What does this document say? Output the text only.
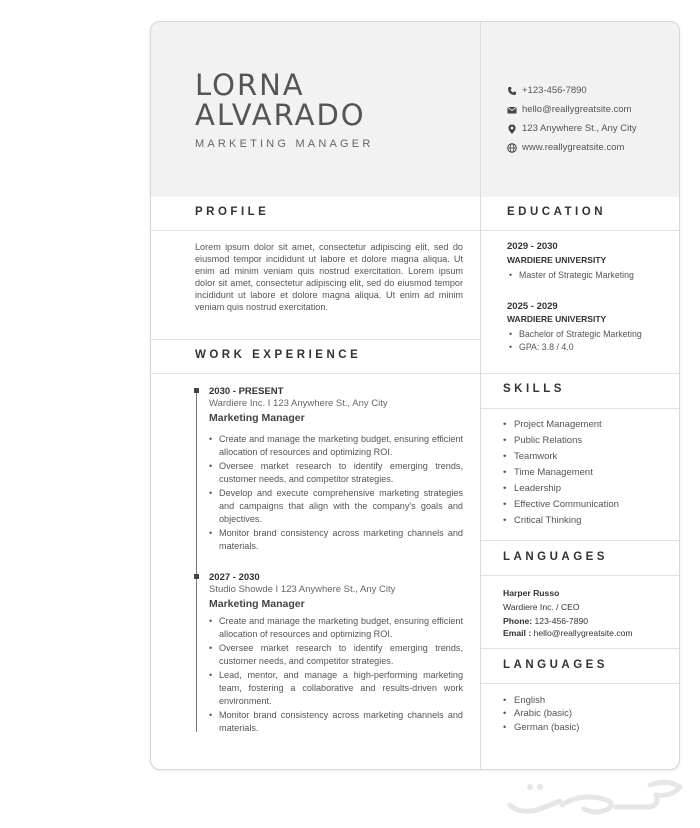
LORNA
ALVARADO
MARKETING MANAGER
+123-456-7890
hello@reallygreatsite.com
123 Anywhere St., Any City
www.reallygreatsite.com
PROFILE
Lorem ipsum dolor sit amet, consectetur adipiscing elit, sed do eiusmod tempor incididunt ut labore et dolore magna aliqua. Ut enim ad minim veniam quis nostrud exercitation. Lorem ipsum dolor sit amet, consectetur adipiscing elit, sed do eiusmod tempor incididunt ut labore et dolore magna aliqua. Ut enim ad minim veniam quis nostrud exercitation.
WORK EXPERIENCE
2030 - PRESENT
Wardiere Inc. I 123 Anywhere St., Any City
Marketing Manager
• Create and manage the marketing budget, ensuring efficient allocation of resources and optimizing ROI.
• Oversee market research to identify emerging trends, customer needs, and competitor strategies.
• Develop and execute comprehensive marketing strategies and campaigns that align with the company's goals and objectives.
• Monitor brand consistency across marketing channels and materials.
2027 - 2030
Studio Showde I 123 Anywhere St., Any City
Marketing Manager
• Create and manage the marketing budget, ensuring efficient allocation of resources and optimizing ROI.
• Oversee market research to identify emerging trends, customer needs, and competitor strategies.
• Lead, mentor, and manage a high-performing marketing team, fostering a collaborative and results-driven work environment.
• Monitor brand consistency across marketing channels and materials.
EDUCATION
2029 - 2030
WARDIERE UNIVERSITY
• Master of Strategic Marketing
2025 - 2029
WARDIERE UNIVERSITY
• Bachelor of Strategic Marketing
• GPA: 3.8 / 4.0
SKILLS
• Project Management
• Public Relations
• Teamwork
• Time Management
• Leadership
• Effective Communication
• Critical Thinking
LANGUAGES
Harper Russo
Wardiere Inc. / CEO
Phone: 123-456-7890
Email : hello@reallygreatsite.com
LANGUAGES
• English
• Arabic (basic)
• German (basic)
